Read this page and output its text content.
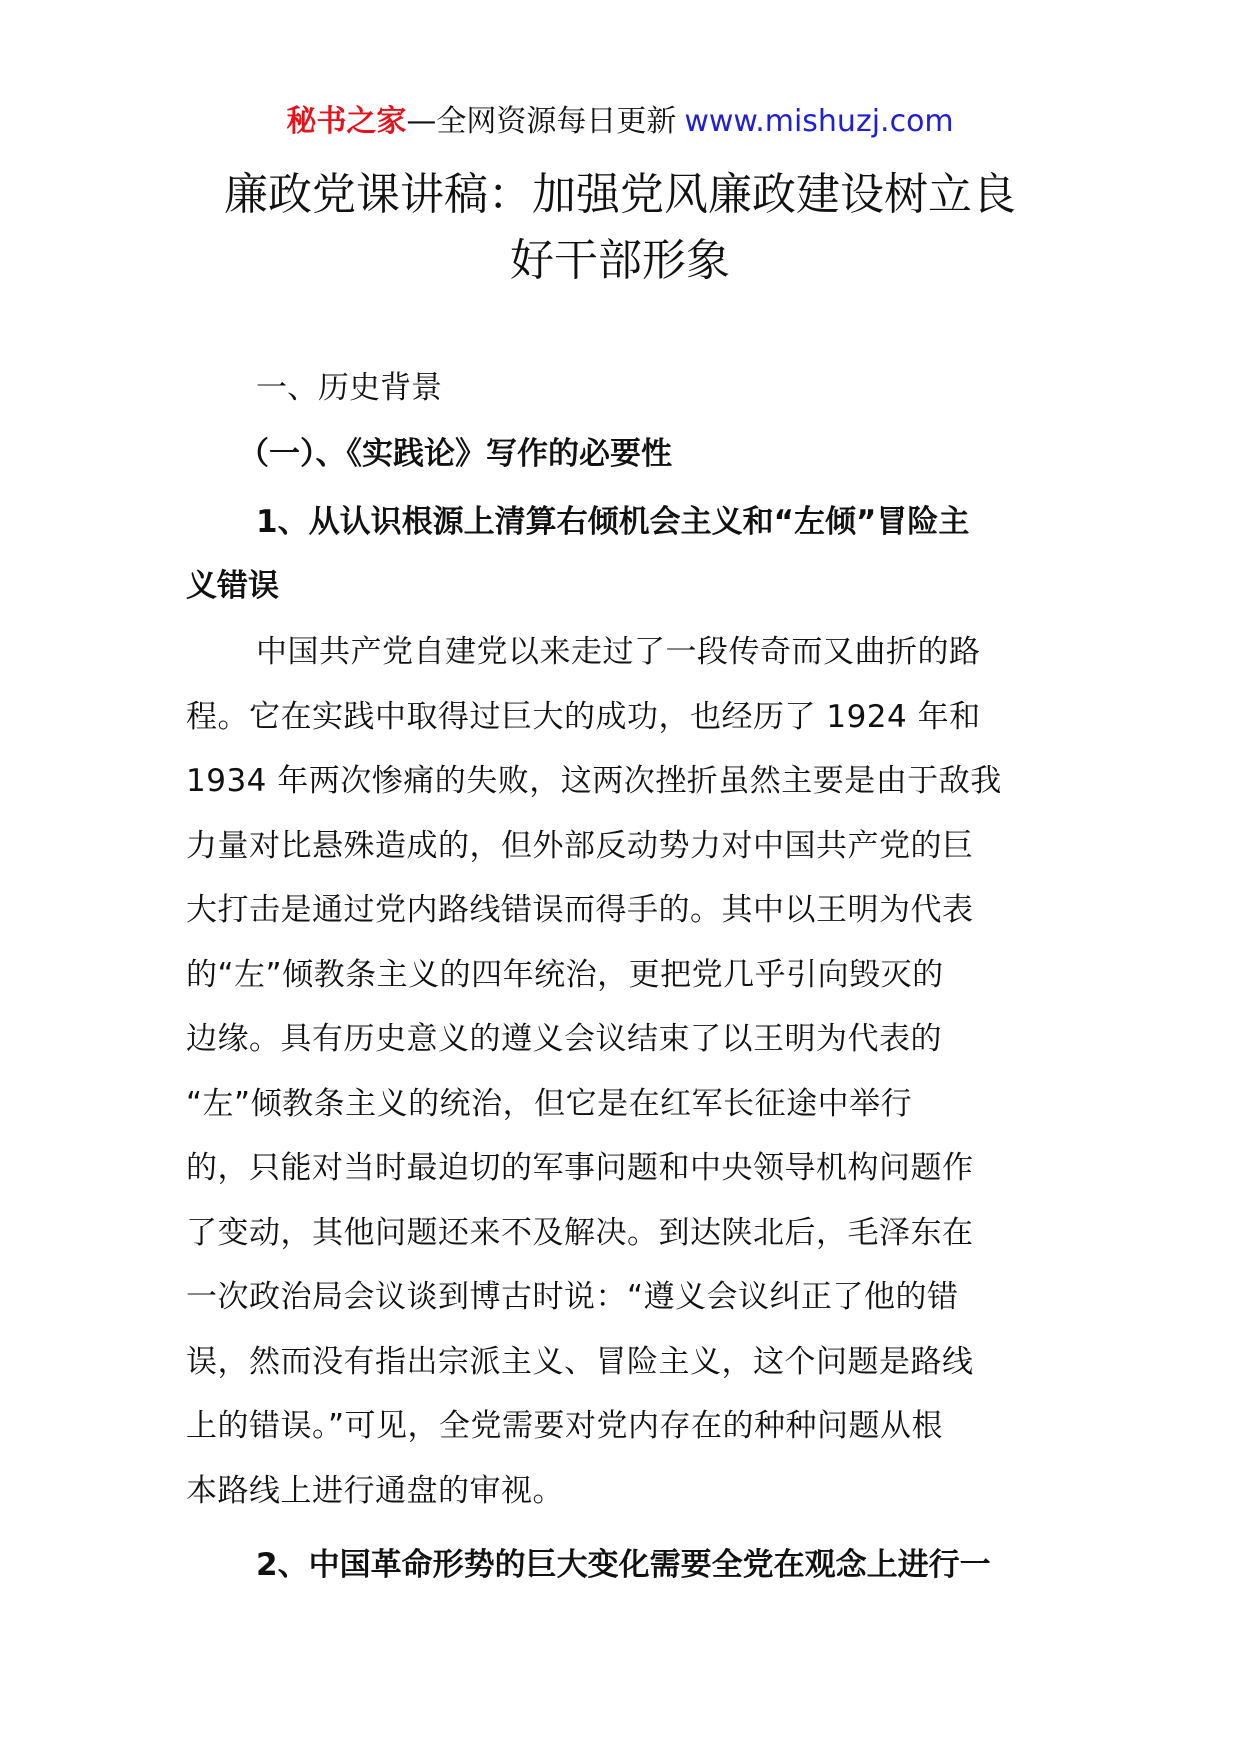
秘书之家—全网资源每日更新 www.mishuzj.com
廉政党课讲稿：加强党风廉政建设树立良
好干部形象
一、历史背景
（一）、《实践论》写作的必要性
1、从认识根源上清算右倾机会主义和“左倾”冒险主
义错误
中国共产党自建党以来走过了一段传奇而又曲折的路
程。它在实践中取得过巨大的成功，也经历了 1924 年和
1934 年两次惨痛的失败，这两次挫折虽然主要是由于敌我
力量对比悬殊造成的，但外部反动势力对中国共产党的巨
大打击是通过党内路线错误而得手的。其中以王明为代表
的“左”倾教条主义的四年统治，更把党几乎引向毁灭的
边缘。具有历史意义的遵义会议结束了以王明为代表的
“左”倾教条主义的统治，但它是在红军长征途中举行
的，只能对当时最迫切的军事问题和中央领导机构问题作
了变动，其他问题还来不及解决。到达陕北后，毛泽东在
一次政治局会议谈到博古时说：“遵义会议纠正了他的错
误，然而没有指出宗派主义、冒险主义，这个问题是路线
上的错误。”可见，全党需要对党内存在的种种问题从根
本路线上进行通盘的审视。
2、中国革命形势的巨大变化需要全党在观念上进行一
